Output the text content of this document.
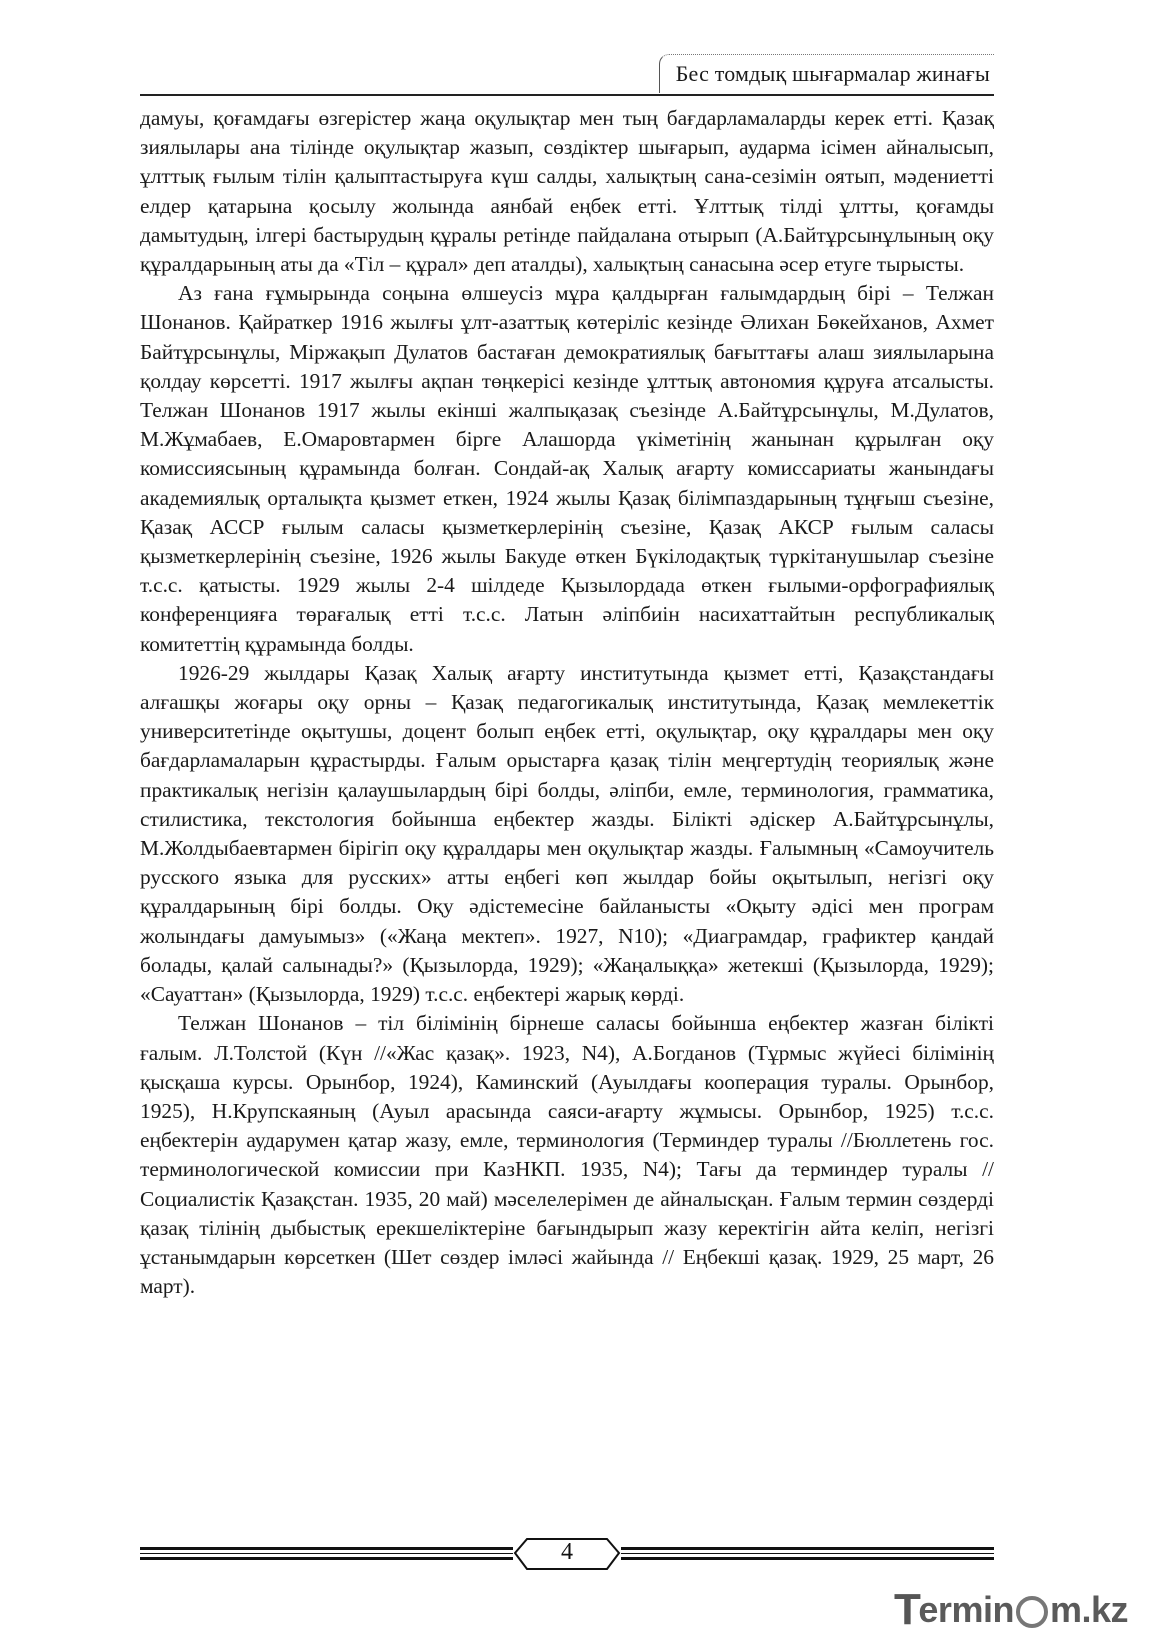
Бес томдық шығармалар жинағы

дамуы, қоғамдағы өзгерістер жаңа оқулықтар мен тың бағдарламаларды керек етті. Қазақ зиялылары ана тілінде оқулықтар жазып, сөздіктер шығарып, аударма ісімен айналысып, ұлттық ғылым тілін қалыптастыруға күш салды, халықтың сана-сезімін оятып, мәдениетті елдер қатарына қосылу жолында аянбай еңбек етті. Ұлттық тілді ұлтты, қоғамды дамытудың, ілгері бастырудың құралы ретінде пайдалана отырып (А.Байтұрсынұлының оқу құралдарының аты да «Тіл – құрал» деп аталды), халықтың санасына әсер етуге тырысты.

Аз ғана ғұмырында соңына өлшеусіз мұра қалдырған ғалымдардың бірі – Телжан Шонанов. Қайраткер 1916 жылғы ұлт-азаттық көтеріліс кезінде Әлихан Бөкейханов, Ахмет Байтұрсынұлы, Міржақып Дулатов бастаған демократиялық бағыттағы алаш зиялыларына қолдау көрсетті. 1917 жылғы ақпан төңкерісі кезінде ұлттық автономия құруға атсалысты. Телжан Шонанов 1917 жылы екінші жалпықазақ съезінде А.Байтұрсынұлы, М.Дулатов, М.Жұмабаев, Е.Омаровтармен бірге Алашорда үкіметінің жанынан құрылған оқу комиссиясының құрамында болған. Сондай-ақ Халық ағарту комиссариаты жанындағы академиялық орталықта қызмет еткен, 1924 жылы Қазақ білімпаздарының тұңғыш съезіне, Қазақ АССР ғылым саласы қызметкерлерінің съезіне, Қазақ АКСР ғылым саласы қызметкерлерінің съезіне, 1926 жылы Бакуде өткен Бүкілодақтық түркітанушылар съезіне т.с.с. қатысты. 1929 жылы 2-4 шілдеде Қызылордада өткен ғылыми-орфографиялық конференцияға төрағалық етті т.с.с. Латын әліпбиін насихаттайтын республикалық комитеттің құрамында болды.

1926-29 жылдары Қазақ Халық ағарту институтында қызмет етті, Қазақстандағы алғашқы жоғары оқу орны – Қазақ педагогикалық институтында, Қазақ мемлекеттік университетінде оқытушы, доцент болып еңбек етті, оқулықтар, оқу құралдары мен оқу бағдарламаларын құрастырды. Ғалым орыстарға қазақ тілін меңгертудің теориялық және практикалық негізін қалаушылардың бірі болды, әліпби, емле, терминология, грамматика, стилистика, текстология бойынша еңбектер жазды. Білікті әдіскер А.Байтұрсынұлы, М.Жолдыбаевтармен бірігіп оқу құралдары мен оқулықтар жазды. Ғалымның «Самоучитель русского языка для русских» атты еңбегі көп жылдар бойы оқытылып, негізгі оқу құралдарының бірі болды. Оқу әдістемесіне байланысты «Оқыту әдісі мен програм жолындағы дамуымыз» («Жаңа мектеп». 1927, N10); «Диаграмдар, графиктер қандай болады, қалай салынады?» (Қызылорда, 1929); «Жаңалыққа» жетекші (Қызылорда, 1929); «Сауаттан» (Қызылорда, 1929) т.с.с. еңбектері жарық көрді.

Телжан Шонанов – тіл білімінің бірнеше саласы бойынша еңбектер жазған білікті ғалым. Л.Толстой (Күн //«Жас қазақ». 1923, N4), А.Богданов (Тұрмыс жүйесі білімінің қысқаша курсы. Орынбор, 1924), Каминский (Ауылдағы кооперация туралы. Орынбор, 1925), Н.Крупскаяның (Ауыл арасында саяси-ағарту жұмысы. Орынбор, 1925) т.с.с. еңбектерін аударумен қатар жазу, емле, терминология (Терминдер туралы //Бюллетень гос. терминологической комиссии при КазНКП. 1935, N4); Тағы да терминдер туралы //Социалистік Қазақстан. 1935, 20 май) мәселелерімен де айналысқан. Ғалым термин сөздерді қазақ тілінің дыбыстық ерекшеліктеріне бағындырып жазу керектігін айта келіп, негізгі ұстанымдарын көрсеткен (Шет сөздер імләсі жайында // Еңбекші қазақ. 1929, 25 март, 26 март).

4
T
ermin m.kz
